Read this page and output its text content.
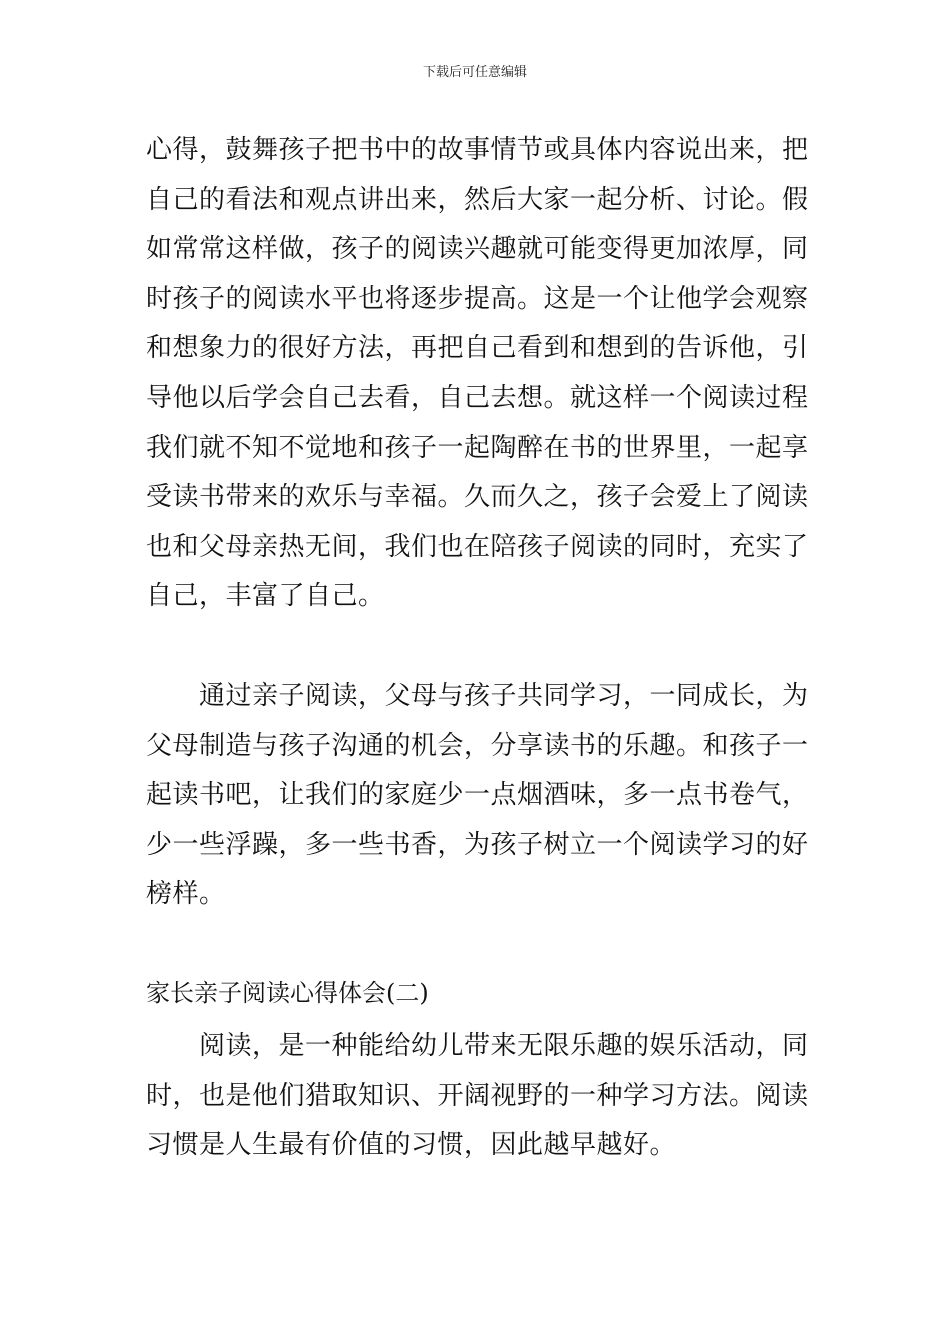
下载后可任意编辑

心得，鼓舞孩子把书中的故事情节或具体内容说出来，把自己的看法和观点讲出来，然后大家一起分析、讨论。假如常常这样做，孩子的阅读兴趣就可能变得更加浓厚，同时孩子的阅读水平也将逐步提高。这是一个让他学会观察和想象力的很好方法，再把自己看到和想到的告诉他，引导他以后学会自己去看，自己去想。就这样一个阅读过程我们就不知不觉地和孩子一起陶醉在书的世界里，一起享受读书带来的欢乐与幸福。久而久之，孩子会爱上了阅读也和父母亲热无间，我们也在陪孩子阅读的同时，充实了自己，丰富了自己。

通过亲子阅读，父母与孩子共同学习，一同成长，为父母制造与孩子沟通的机会，分享读书的乐趣。和孩子一起读书吧，让我们的家庭少一点烟酒味，多一点书卷气，少一些浮躁，多一些书香，为孩子树立一个阅读学习的好榜样。

家长亲子阅读心得体会(二)

阅读，是一种能给幼儿带来无限乐趣的娱乐活动，同时，也是他们猎取知识、开阔视野的一种学习方法。阅读习惯是人生最有价值的习惯，因此越早越好。
